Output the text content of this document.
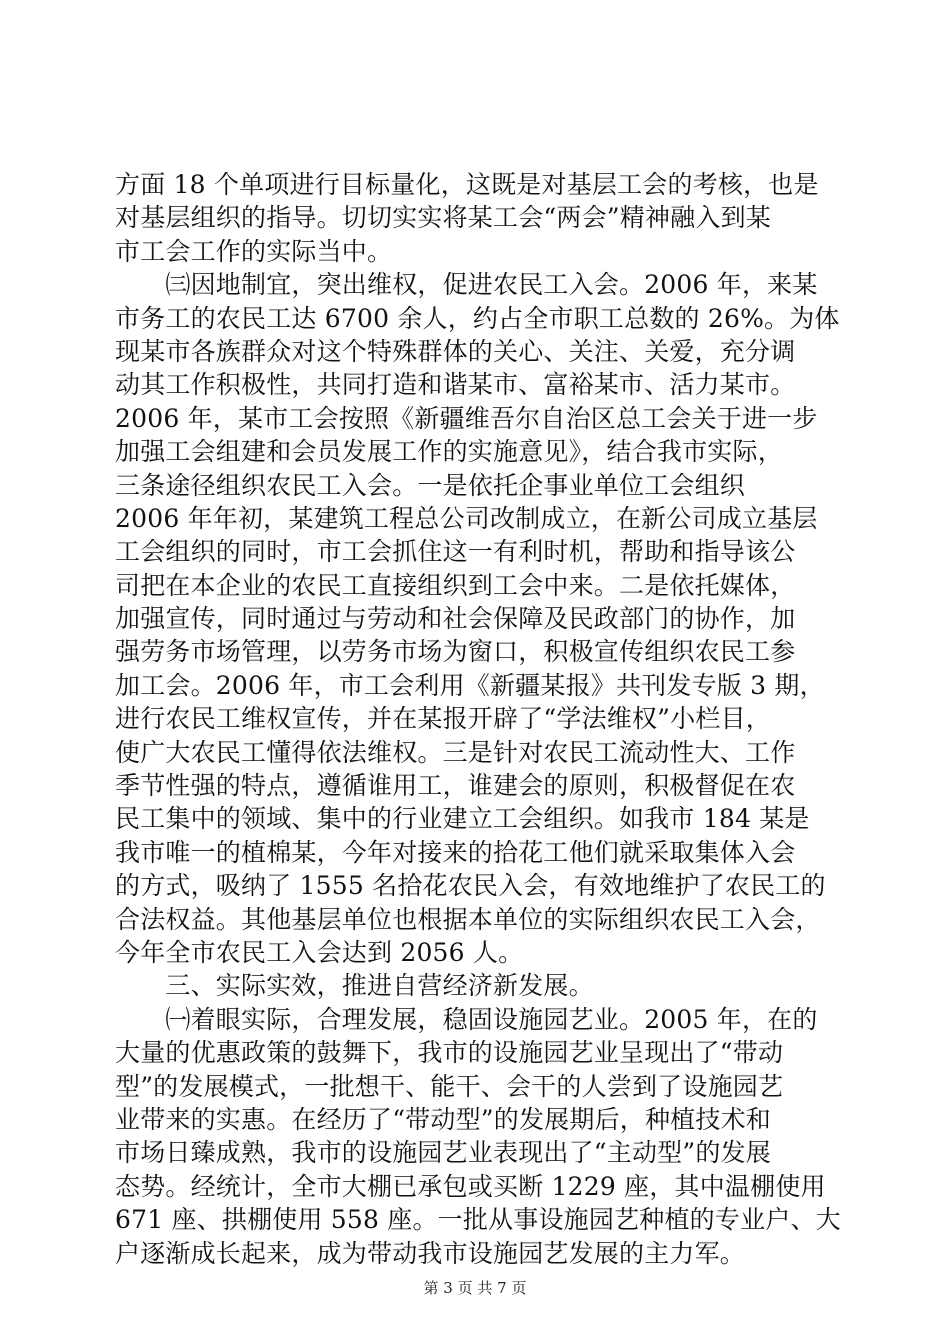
方面 18 个单项进行目标量化，这既是对基层工会的考核，也是
对基层组织的指导。切切实实将某工会“两会”精神融入到某
市工会工作的实际当中。
　　㈢因地制宜，突出维权，促进农民工入会。2006 年，来某
市务工的农民工达 6700 余人，约占全市职工总数的 26%。为体
现某市各族群众对这个特殊群体的关心、关注、关爱，充分调
动其工作积极性，共同打造和谐某市、富裕某市、活力某市。
2006 年，某市工会按照《新疆维吾尔自治区总工会关于进一步
加强工会组建和会员发展工作的实施意见》，结合我市实际，
三条途径组织农民工入会。一是依托企事业单位工会组织
2006 年年初，某建筑工程总公司改制成立，在新公司成立基层
工会组织的同时，市工会抓住这一有利时机，帮助和指导该公
司把在本企业的农民工直接组织到工会中来。二是依托媒体，
加强宣传，同时通过与劳动和社会保障及民政部门的协作，加
强劳务市场管理，以劳务市场为窗口，积极宣传组织农民工参
加工会。2006 年，市工会利用《新疆某报》共刊发专版 3 期，
进行农民工维权宣传，并在某报开辟了“学法维权”小栏目，
使广大农民工懂得依法维权。三是针对农民工流动性大、工作
季节性强的特点，遵循谁用工，谁建会的原则，积极督促在农
民工集中的领域、集中的行业建立工会组织。如我市 184 某是
我市唯一的植棉某，今年对接来的拾花工他们就采取集体入会
的方式，吸纳了 1555 名拾花农民入会，有效地维护了农民工的
合法权益。其他基层单位也根据本单位的实际组织农民工入会，
今年全市农民工入会达到 2056 人。
　　三、实际实效，推进自营经济新发展。
　　㈠着眼实际，合理发展，稳固设施园艺业。2005 年，在的
大量的优惠政策的鼓舞下，我市的设施园艺业呈现出了“带动
型”的发展模式，一批想干、能干、会干的人尝到了设施园艺
业带来的实惠。在经历了“带动型”的发展期后，种植技术和
市场日臻成熟，我市的设施园艺业表现出了“主动型”的发展
态势。经统计，全市大棚已承包或买断 1229 座，其中温棚使用
671 座、拱棚使用 558 座。一批从事设施园艺种植的专业户、大
户逐渐成长起来，成为带动我市设施园艺发展的主力军。
第 3 页 共 7 页
